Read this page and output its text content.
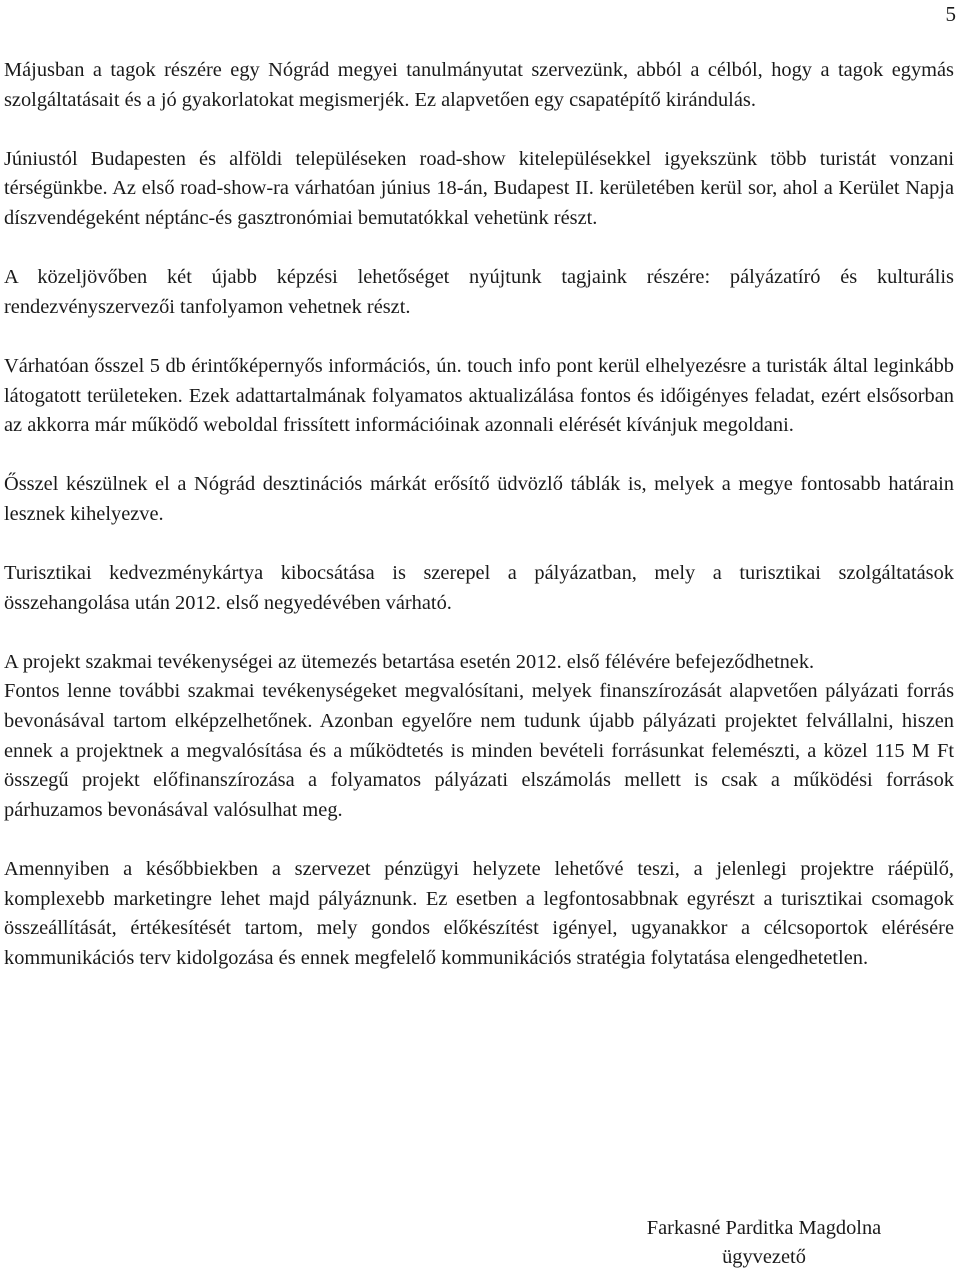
5

Májusban a tagok részére egy Nógrád megyei tanulmányutat szervezünk, abból a célból, hogy a tagok egymás szolgáltatásait és a jó gyakorlatokat megismerjék. Ez alapvetően egy csapatépítő kirándulás.

Júniustól Budapesten és alföldi településeken road-show kitelepülésekkel igyekszünk több turistát vonzani térségünkbe. Az első road-show-ra várhatóan június 18-án, Budapest II. kerületében kerül sor, ahol a Kerület Napja díszvendégeként néptánc-és gasztronómiai bemutatókkal vehetünk részt.

A közeljövőben két újabb képzési lehetőséget nyújtunk tagjaink részére: pályázatíró és kulturális rendezvényszervezői tanfolyamon vehetnek részt.

Várhatóan ősszel 5 db érintőképernyős információs, ún. touch info pont kerül elhelyezésre a turisták által leginkább látogatott területeken. Ezek adattartalmának folyamatos aktualizálása fontos és időigényes feladat, ezért elsősorban az akkorra már működő weboldal frissített információinak azonnali elérését kívánjuk megoldani.

Ősszel készülnek el a Nógrád desztinációs márkát erősítő üdvözlő táblák is, melyek a megye fontosabb határain lesznek kihelyezve.

Turisztikai kedvezménykártya kibocsátása is szerepel a pályázatban, mely a turisztikai szolgáltatások összehangolása után 2012. első negyedévében várható.

A projekt szakmai tevékenységei az ütemezés betartása esetén 2012. első félévére befejeződhetnek.

Fontos lenne további szakmai tevékenységeket megvalósítani, melyek finanszírozását alapvetően pályázati forrás bevonásával tartom elképzelhetőnek. Azonban egyelőre nem tudunk újabb pályázati projektet felvállalni, hiszen ennek a projektnek a megvalósítása és a működtetés is minden bevételi forrásunkat felemészti, a közel 115 M Ft összegű projekt előfinanszírozása a folyamatos pályázati elszámolás mellett is csak a működési források párhuzamos bevonásával valósulhat meg.

Amennyiben a későbbiekben a szervezet pénzügyi helyzete lehetővé teszi, a jelenlegi projektre ráépülő, komplexebb marketingre lehet majd pályáznunk. Ez esetben a legfontosabbnak egyrészt a turisztikai csomagok összeállítását, értékesítését tartom, mely gondos előkészítést igényel, ugyanakkor a célcsoportok elérésére kommunikációs terv kidolgozása és ennek megfelelő kommunikációs stratégia folytatása elengedhetetlen.

Farkasné Parditka Magdolna
ügyvezető
